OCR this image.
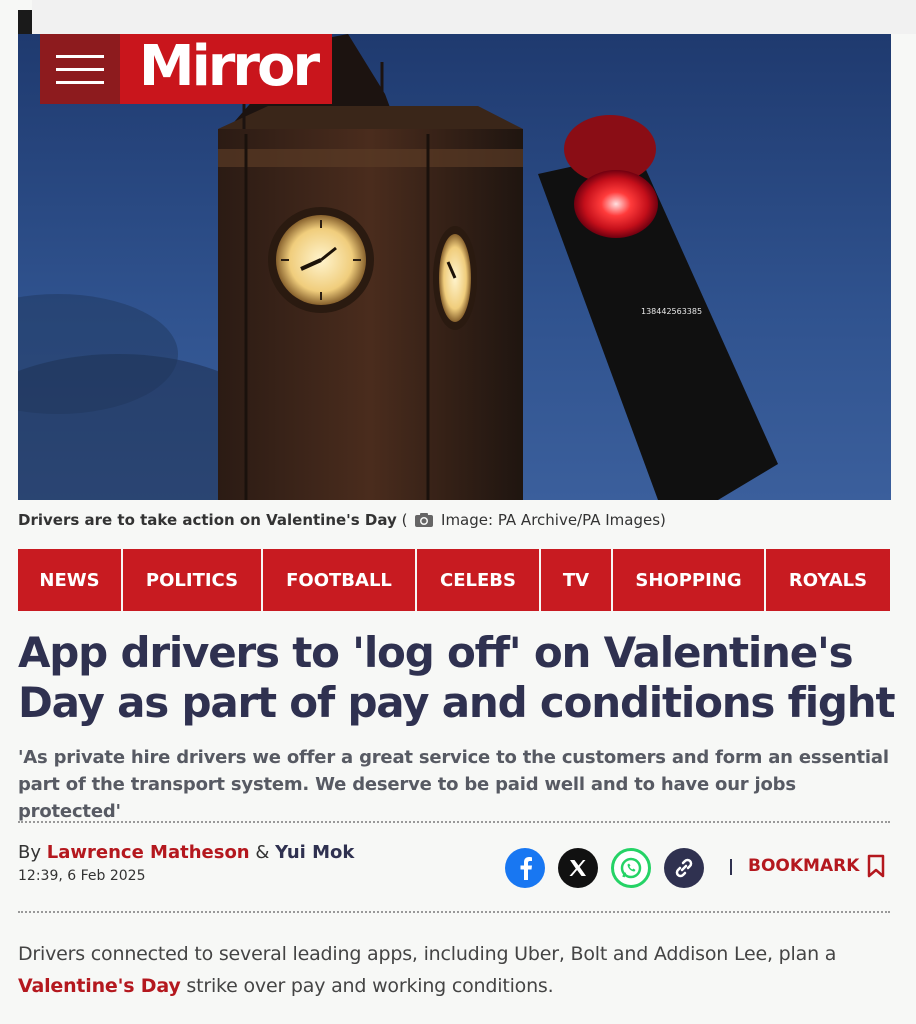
Mirror
138442563385
Drivers are to take action on Valentine's Day ( Image: PA Archive/PA Images)
NEWS	POLITICS	FOOTBALL	CELEBS	TV	SHOPPING	ROYALS
App drivers to 'log off' on Valentine's Day as part of pay and conditions fight

'As private hire drivers we offer a great service to the customers and form an essential part of the transport system. We deserve to be paid well and to have our jobs protected'

By Lawrence Matheson & Yui Mok
12:39, 6 Feb 2025	BOOKMARK

Drivers connected to several leading apps, including Uber, Bolt and Addison Lee, plan a Valentine's Day strike over pay and working conditions.
